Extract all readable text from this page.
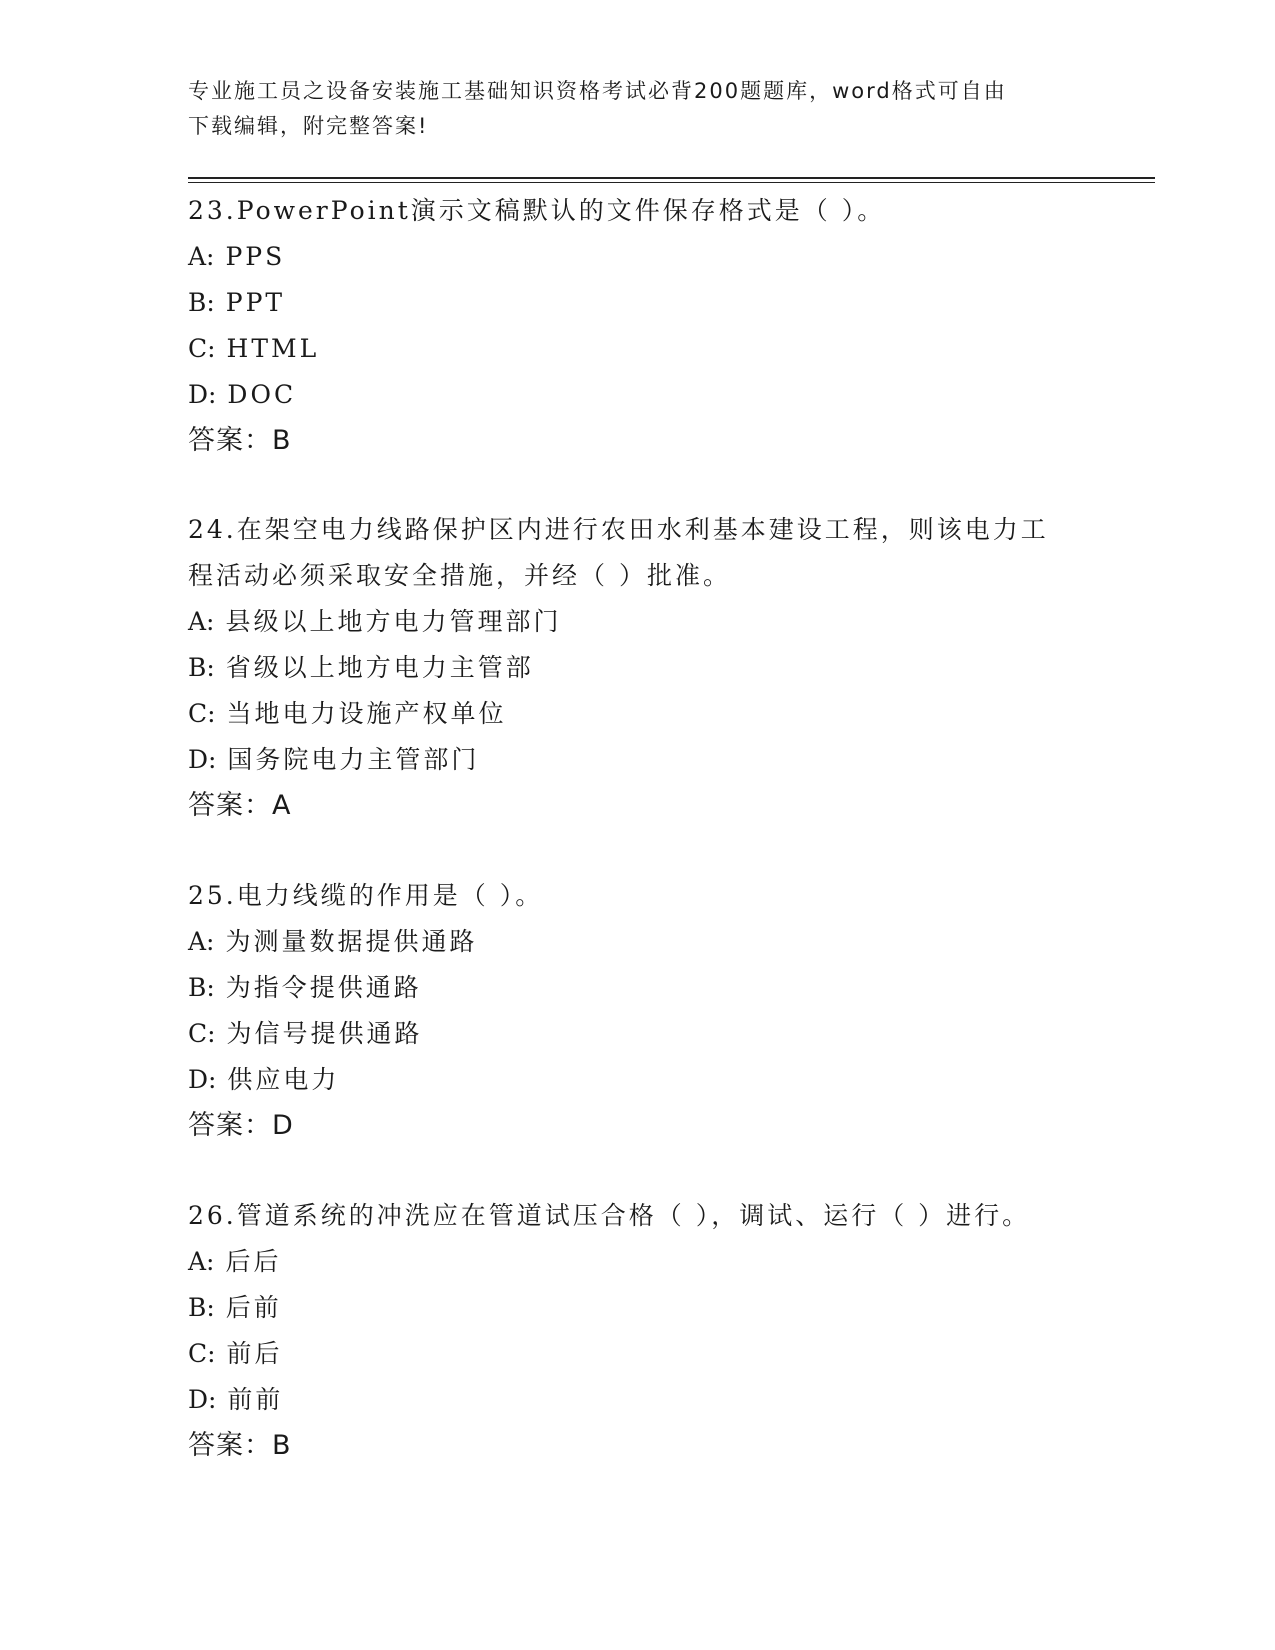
专业施工员之设备安装施工基础知识资格考试必背200题题库，word格式可自由
下载编辑，附完整答案!

23.PowerPoint演示文稿默认的文件保存格式是（ ）。

A: PPS

B: PPT

C: HTML

D: DOC

答案：B

24.在架空电力线路保护区内进行农田水利基本建设工程，则该电力工

程活动必须采取安全措施，并经（ ）批准。

A: 县级以上地方电力管理部门

B: 省级以上地方电力主管部

C: 当地电力设施产权单位

D: 国务院电力主管部门

答案：A

25.电力线缆的作用是（ ）。

A: 为测量数据提供通路

B: 为指令提供通路

C: 为信号提供通路

D: 供应电力

答案：D

26.管道系统的冲洗应在管道试压合格（ ），调试、运行（ ）进行。

A: 后后

B: 后前

C: 前后

D: 前前

答案：B
